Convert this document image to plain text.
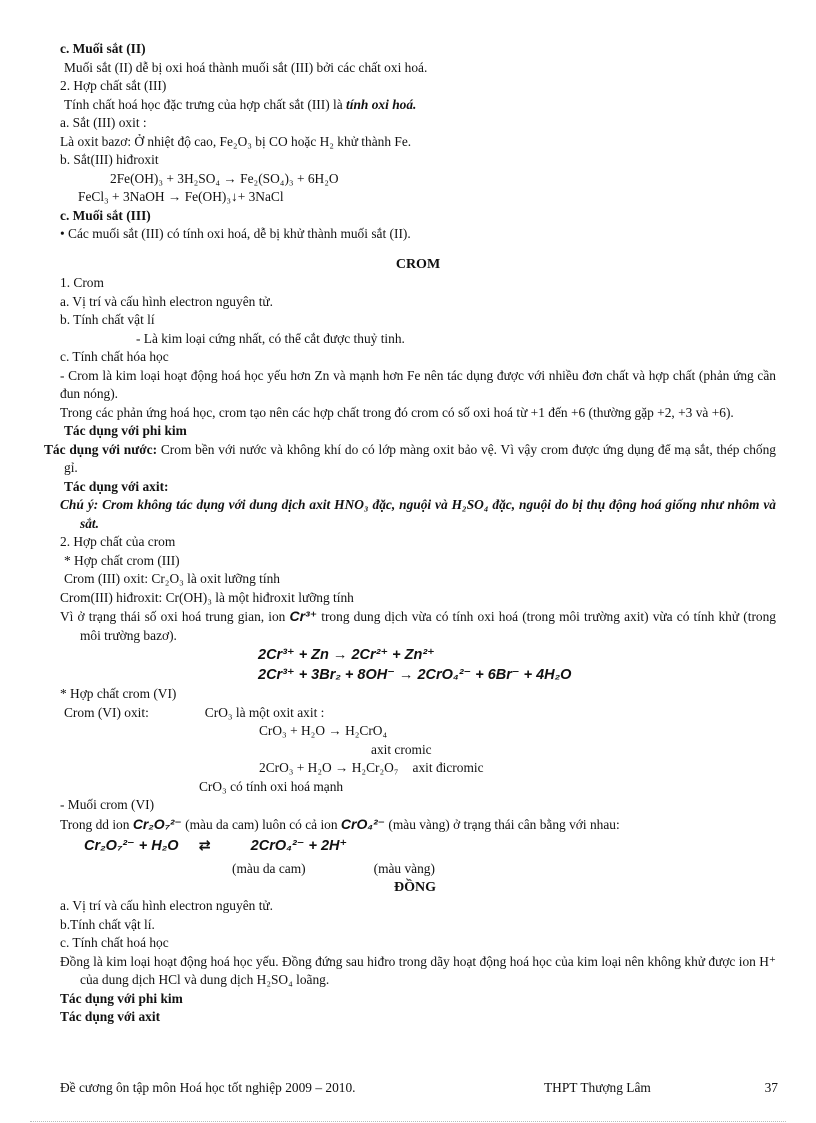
c. Muối sắt (II)
Muối sắt (II) dễ bị oxi hoá thành muối sắt (III) bởi các chất oxi hoá.
2. Hợp chất sắt (III)
Tính chất hoá học đặc trưng của hợp chất sắt (III) là tính oxi hoá.
a. Sắt (III) oxit :
Là oxit bazơ: Ở nhiệt độ cao, Fe₂O₃ bị CO hoặc H₂ khử thành Fe.
b. Sắt(III) hiđroxit
2Fe(OH)₃ + 3H₂SO₄ → Fe₂(SO₄)₃ + 6H₂O
FeCl₃ + 3NaOH → Fe(OH)₃↓+ 3NaCl
c. Muối sắt (III)
• Các muối sắt (III) có tính oxi hoá, dễ bị khử thành muối sắt (II).
CROM
1. Crom
a. Vị trí và cấu hình electron nguyên tử.
b. Tính chất vật lí
- Là kim loại cứng nhất, có thể cắt được thuỷ tinh.
c. Tính chất hóa học
- Crom là kim loại hoạt động hoá học yếu hơn Zn và mạnh hơn Fe nên tác dụng được với nhiều đơn chất và hợp chất (phản ứng cần đun nóng).
Trong các phản ứng hoá học, crom tạo nên các hợp chất trong đó crom có số oxi hoá từ +1 đến +6 (thường gặp +2, +3 và +6).
Tác dụng với phi kim
Tác dụng với nước: Crom bền với nước và không khí do có lớp màng oxit bảo vệ. Vì vậy crom được ứng dụng để mạ sắt, thép chống gỉ.
Tác dụng với axit:
Chú ý: Crom không tác dụng với dung dịch axit HNO₃ đặc, nguội và H₂SO₄ đặc, nguội do bị thụ động hoá giống như nhôm và sắt.
2. Hợp chất của crom
* Hợp chất crom (III)
Crom (III) oxit: Cr₂O₃ là oxit lưỡng tính
Crom(III) hiđroxit: Cr(OH)₃ là một hiđroxit lưỡng tính
Vì ở trạng thái số oxi hoá trung gian, ion Cr³⁺ trong dung dịch vừa có tính oxi hoá (trong môi trường axit) vừa có tính khử (trong môi trường bazơ).
2Cr³⁺ + Zn → 2Cr²⁺ + Zn²⁺
2Cr³⁺ + 3Br₂ + 8OH⁻ → 2CrO₄²⁻ + 6Br⁻ + 4H₂O
* Hợp chất crom (VI)
Crom (VI) oxit:	CrO₃ là một oxit axit :
CrO₃ + H₂O → H₂CrO₄
axit cromic
2CrO₃ + H₂O → H₂Cr₂O₇ axit đicromic
CrO₃ có tính oxi hoá mạnh
- Muối crom (VI)
Trong dd ion Cr₂O₇²⁻ (màu da cam) luôn có cả ion CrO₄²⁻ (màu vàng) ở trạng thái cân bằng với nhau:
Cr₂O₇²⁻ + H₂O ⇄	2CrO₄²⁻ + 2H⁺
(màu da cam)	(màu vàng)
ĐỒNG
a. Vị trí và cấu hình electron nguyên tử.
b.Tính chất vật lí.
c. Tính chất hoá học
Đồng là kim loại hoạt động hoá học yếu. Đồng đứng sau hiđro trong dãy hoạt động hoá học của kim loại nên không khử được ion H⁺ của dung dịch HCl và dung dịch H₂SO₄ loãng.
Tác dụng với phi kim
Tác dụng với axit
Đề cương ôn tập môn Hoá học tốt nghiệp 2009 – 2010.	THPT Thượng Lâm	37
